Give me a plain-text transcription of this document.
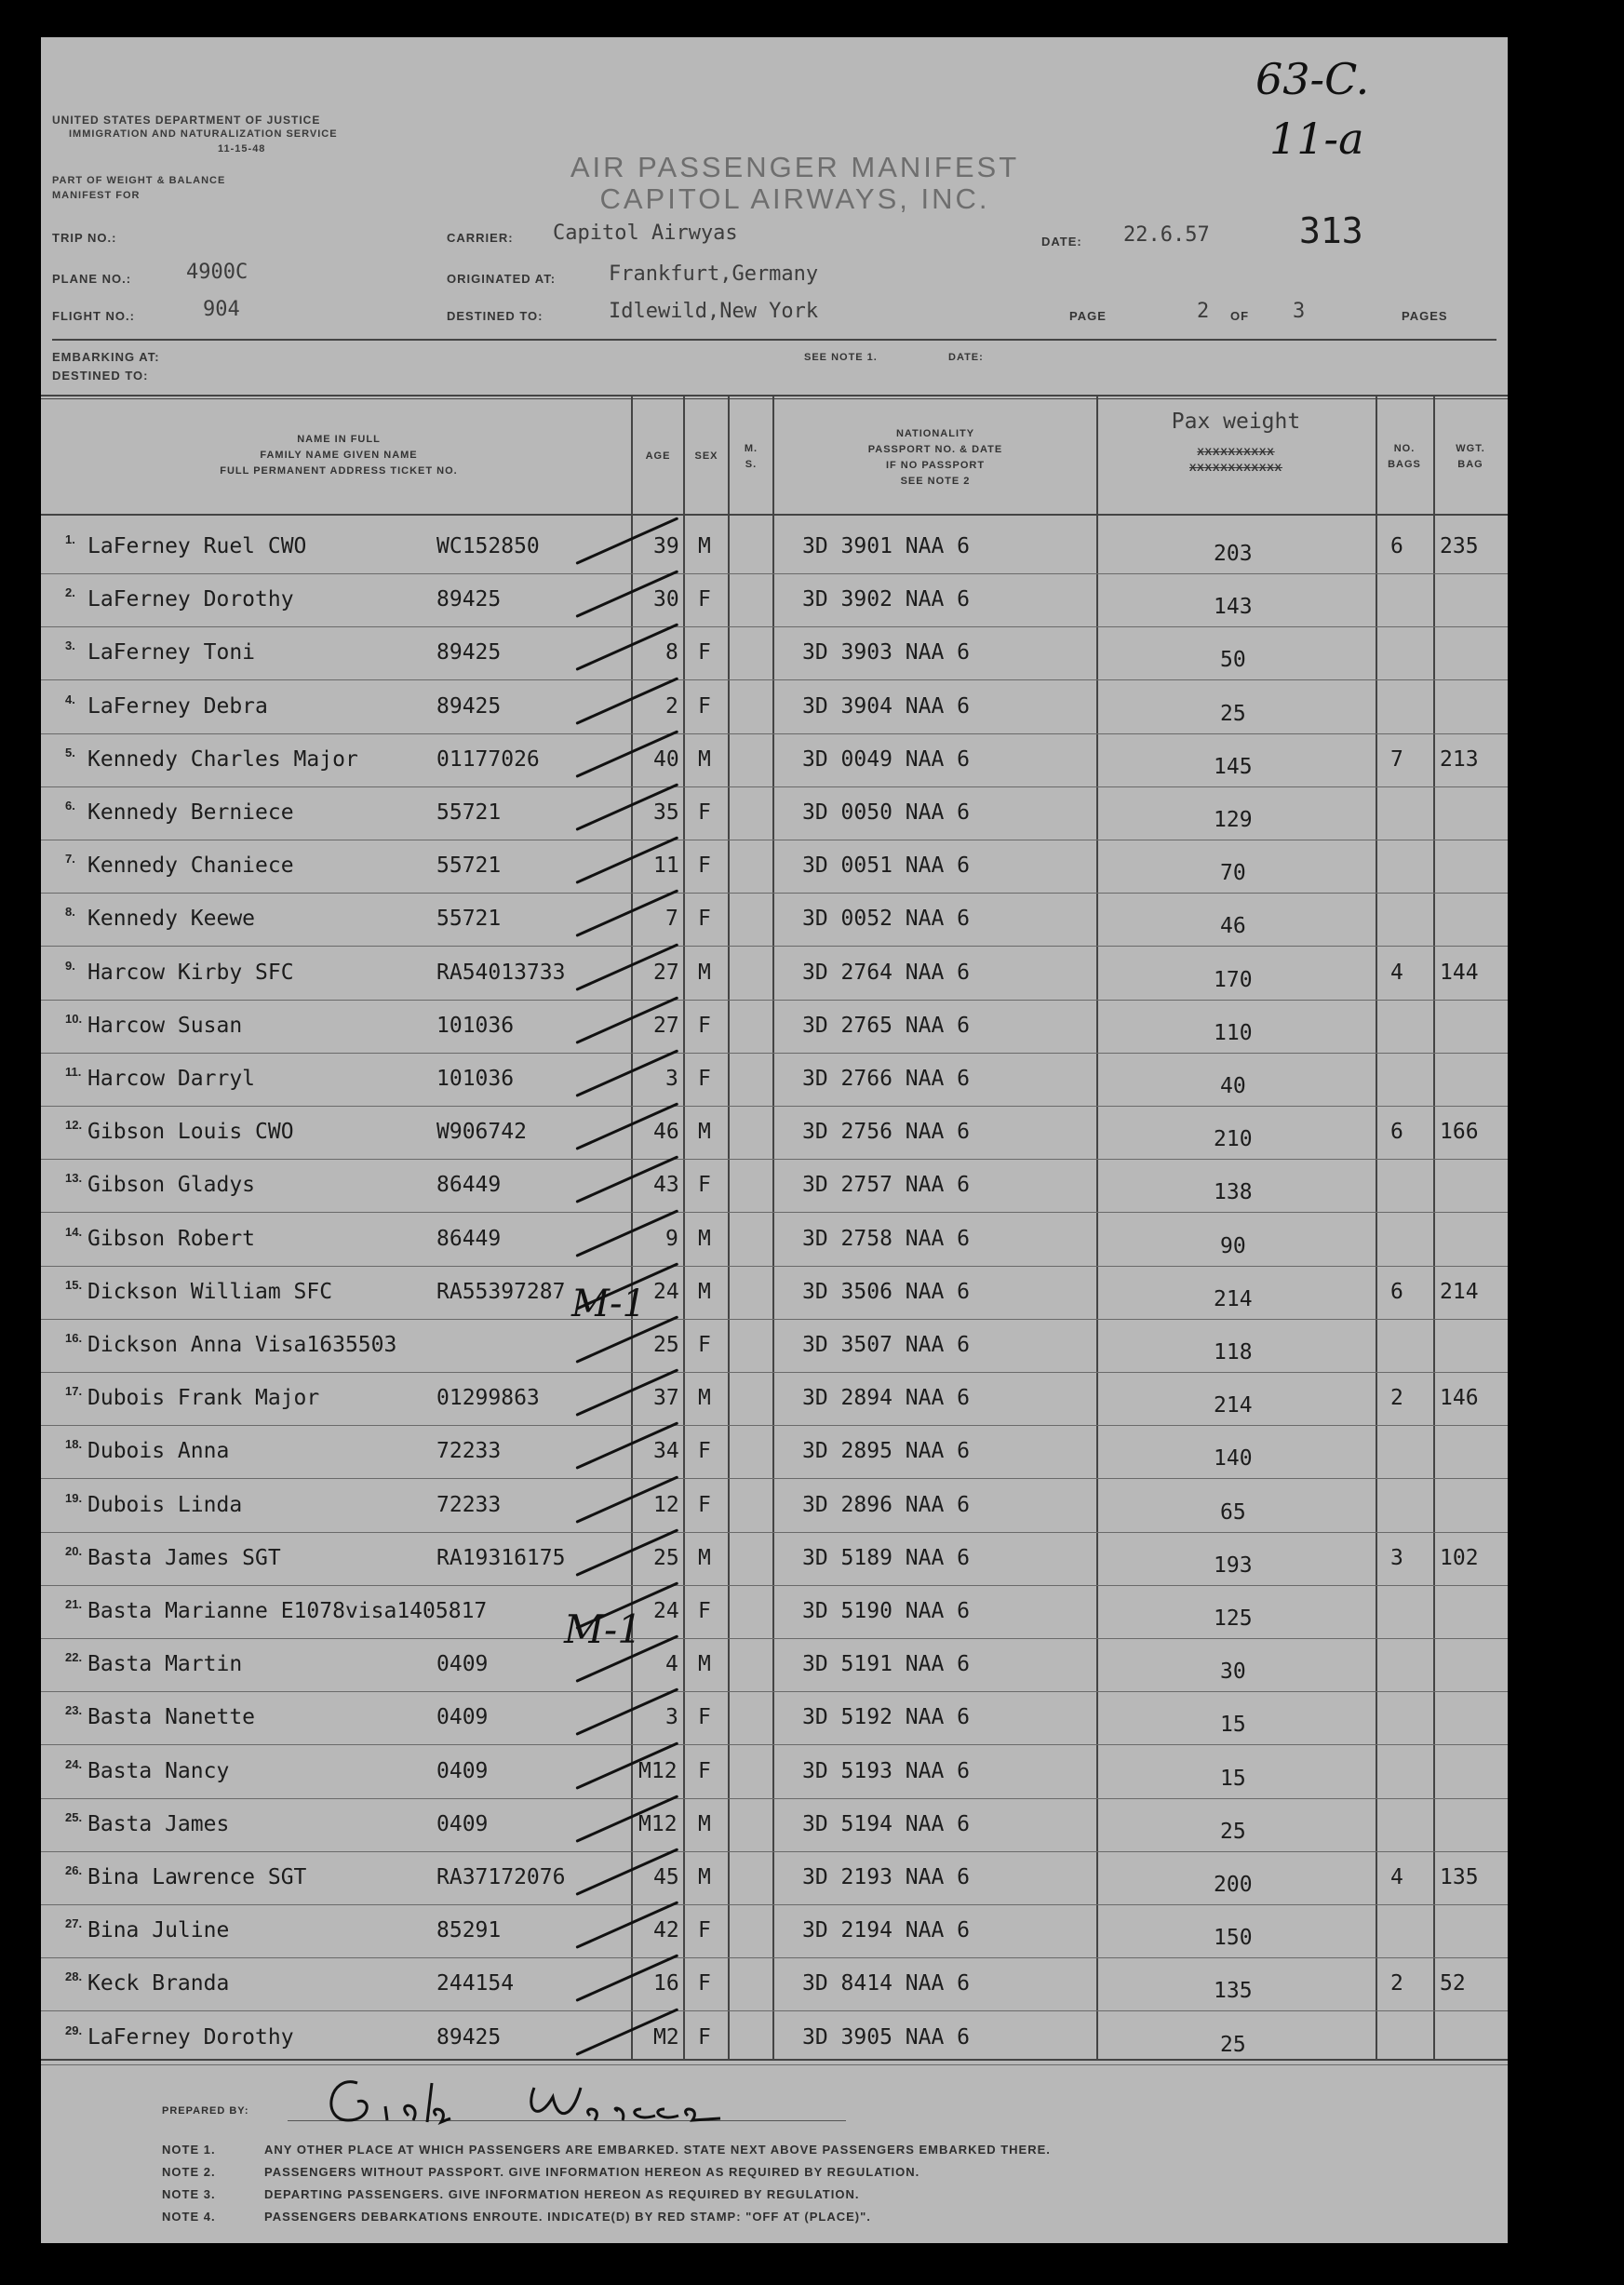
UNITED STATES DEPARTMENT OF JUSTICE
IMMIGRATION AND NATURALIZATION SERVICE
11-15-48
PART OF WEIGHT & BALANCE
MANIFEST FOR
AIR PASSENGER MANIFEST
CAPITOL AIRWAYS, INC.
63-C.
11-a
313
TRIP NO.:
PLANE NO.:	4900C
FLIGHT NO.:	904
CARRIER: Capitol Airwyas
ORIGINATED AT:	Frankfurt,Germany
DESTINED TO:	Idlewild,New York
DATE: 22.6.57
PAGE	2 OF 3	PAGES
EMBARKING AT:
DESTINED TO:
SEE NOTE 1.	DATE:
NAME IN FULL
FAMILY NAME GIVEN NAME
FULL PERMANENT ADDRESS TICKET NO.
AGE	SEX
M.
S.
NATIONALITY
PASSPORT NO. & DATE
IF NO PASSPORT
SEE NOTE 2
Pax weight
XXXXXXXXXX
XXXXXXXXXXXX
NO.
BAGS
WGT.
BAG
1. LaFerney Ruel CWO	WC152850	39 M	3D 3901 NAA 6	203	6 235
2. LaFerney Dorothy	89425	30 F	3D 3902 NAA 6	143
3. LaFerney Toni	89425	8 F	3D 3903 NAA 6	50
4. LaFerney Debra	89425	2 F	3D 3904 NAA 6	25
5. Kennedy Charles Major	01177026	40 M	3D 0049 NAA 6	145	7 213
6. Kennedy Berniece	55721	35 F	3D 0050 NAA 6	129
7. Kennedy Chaniece	55721	11 F	3D 0051 NAA 6	70
8. Kennedy Keewe	55721	7 F	3D 0052 NAA 6	46
9. Harcow Kirby SFC	RA54013733	27 M	3D 2764 NAA 6	170	4 144
10. Harcow Susan	101036	27 F	3D 2765 NAA 6	110
11. Harcow Darryl	101036	3 F	3D 2766 NAA 6	40
12. Gibson Louis CWO	W906742	46 M	3D 2756 NAA 6	210	6 166
13. Gibson Gladys	86449	43 F	3D 2757 NAA 6	138
14. Gibson Robert	86449	9 M	3D 2758 NAA 6	90
15. Dickson William SFC	RA55397287	24 M	3D 3506 NAA 6	214	6 214
16. Dickson Anna Visa1635503	25 F	3D 3507 NAA 6	118
17. Dubois Frank Major	01299863	37 M	3D 2894 NAA 6	214	2 146
18. Dubois Anna	72233	34 F	3D 2895 NAA 6	140
19. Dubois Linda	72233	12 F	3D 2896 NAA 6	65
20. Basta James SGT	RA19316175	25 M	3D 5189 NAA 6	193	3 102
21. Basta Marianne E1078visa1405817	24 F	3D 5190 NAA 6	125
22. Basta Martin	0409	4 M	3D 5191 NAA 6	30
23. Basta Nanette	0409	3 F	3D 5192 NAA 6	15
24. Basta Nancy	0409	M12 F	3D 5193 NAA 6	15
25. Basta James	0409	M12 M	3D 5194 NAA 6	25
26. Bina Lawrence SGT	RA37172076	45 M	3D 2193 NAA 6	200	4 135
27. Bina Juline	85291	42 F	3D 2194 NAA 6	150
28. Keck Branda	244154	16 F	3D 8414 NAA 6	135	2 52
29. LaFerney Dorothy	89425	M2 F	3D 3905 NAA 6	25
M-1
M-1
PREPARED BY:
NOTE 1.	ANY OTHER PLACE AT WHICH PASSENGERS ARE EMBARKED. STATE NEXT ABOVE PASSENGERS EMBARKED THERE.
NOTE 2.	PASSENGERS WITHOUT PASSPORT. GIVE INFORMATION HEREON AS REQUIRED BY REGULATION.
NOTE 3.	DEPARTING PASSENGERS. GIVE INFORMATION HEREON AS REQUIRED BY REGULATION.
NOTE 4.	PASSENGERS DEBARKATIONS ENROUTE. INDICATE(D) BY RED STAMP: "OFF AT (PLACE)".
